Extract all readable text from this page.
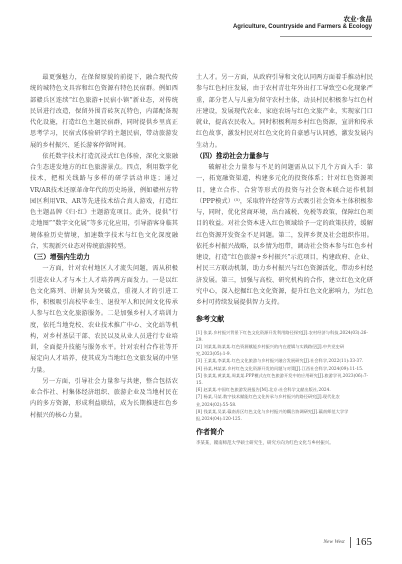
农业·食品
Agriculture, Countryside and Farmers & Ecology

最更强魅力，在保留原貌的前提下，融合现代传统的城特色文具容和红色资源有特色民宿群。例如西部赣兵区连续“红色旅游+民宿小镇”新业态，对传统民居进行改造，保留外围青砖灰瓦特色，内部配备现代化设施，打造红色主题民宿群，同时提供乡里真正思考学习，民宿式体验研学的主题民宿，带动旅游发展的乡村振兴、延长游客停留时间。

依托数字技术打造沉浸式红色体验，深化文旅融合生态进发地方的红色旅游景点。四点，利用数字化技术，把相关线路与多样的研学活动串连；通过VR/AR技术还原革命年代的历史场景，例如赣州方特园区利用VR、AR等先进技术结合真人游戏，打造红色主题品牌《归·红》主题游览项目。此外，提供“行走地图”“数字文化展”等多元化应用，引导游客身临其境体验历史情境，加速数字技术与红色文化深度融合，实现新兴业态对传统旅游转型。

（三）增强内生动力

一方面，针对农村地区人才流失问题，需从积极引进农业人才与本土人才培养两方面发力。一是以红色文化陈列、讲解员为突破点，重视人才的引进工作，积极吸引高校毕业生、退役军人和民间文化传承人参与红色文化旅游服务。二是加强乡村人才培训力度，依托当地党校、农业技术推广中心、文化站等机构，对乡村基层干部、农民以及从业人员进行专业培训，全面提升技能与服务水平。针对农村合作社等开展定向人才培养，使其成为当地红色文旅发展的中坚力量。

另一方面，引导社会力量参与共建，整合包括农业合作社、村集体经济组织、旅游企业及当地村民在内的多方资源，形成利益联结，成为长期推进红色乡村振兴的核心力量。

土人才。另一方面，从政府引导和文化认同两方面着手推动村民参与红色村庄发展，由于农村青壮年外出打工导致空心化现象严重，部分老人与儿童为留守农村主体，动员村民积极参与红色村庄建设，发展现代农业、家庭农场与红色文旅产业，实现家门口就业，提高农民收入。同时积极利用乡村红色资源，宣讲和传承红色故事，激发村民对红色文化的自豪感与认同感，激发发展内生动力。

（四）推动社会力量参与

破解社会力量参与不足的问题需从以下几个方面入手：第一，拓宽融资渠道，构建多元化的投资体系；针对红色资源项目，建立合作、合营等形式的投资与社会资本联合运作机制（PPP模式）⁽⁵⁾，采取特许经营等方式吸引社会资本主体积极参与，同时，优化营商环境，出台减税、免税等政策，保障红色项目的收益。对社会资本进入红色领域给予一定的政策扶持，缓解红色资源开发资金不足问题。第二，发挥乡贤及社会组织作用。依托乡村振兴战略，以乡情为纽带，调动社会资本参与红色乡村建设，打造“红色旅游+乡村振兴”示范项目，构建政府、企业、村民三方联动机制，助力乡村振兴与红色资源活化，带动乡村经济发展。第三，加强与高校、研究机构的合作，建立红色文化研究中心，深入挖掘红色文化资源，提升红色文化影响力，为红色乡村可持续发展提供智力支持。

参考文献
[1] 张某.乡村振兴背景下红色文化资源开发利用路径探究[J].农村经济与科技,2024(03):26-29.
[2] 刘某某,陈某某.红色资源赋能乡村振兴的内在逻辑与实践路径[J].中共党史研究,2023(05):1-9.
[3] 王某某,李某某.红色文化旅游与乡村振兴融合发展研究[J].社会科学,2022(11):33-37.
[4] 孙某,林某某.乡村红色文化资源开发的问题与对策[J].江西社会科学,2024(09):11-15.
[5] 张某某,黄某某,周某某.PPP模式在红色旅游开发中的应用研究[J].旅游学刊,2023(06):7-15.
[6] 赵某某.中国红色旅游发展报告[M].北京:社会科学文献出版社,2024.
[7] 杨某,马某.数字技术赋能红色文化传承与乡村振兴的路径研究[J].现代化农业,2024(02):55-58.
[8] 钱某某,吴某.赣南苏区红色文化与乡村振兴的耦合协调研究[J].赣南师范大学学报,2024(04):120-125.
作者简介
李某某，赣南师范大学硕士研究生，研究方向为红色文化与乡村振兴。
New West 165
